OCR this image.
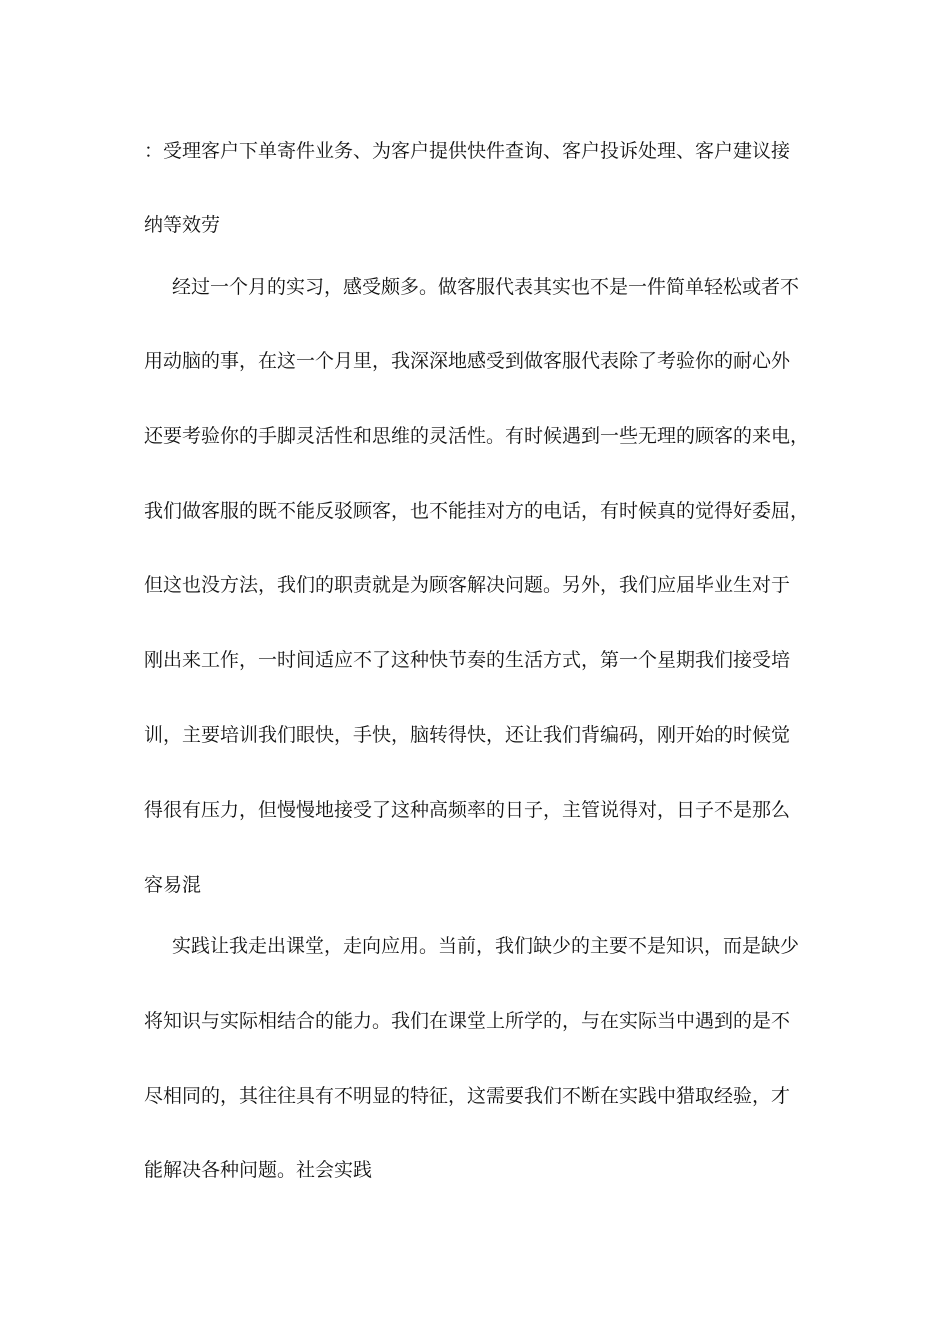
：受理客户下单寄件业务、为客户提供快件查询、客户投诉处理、客户建议接
纳等效劳
经过一个月的实习，感受颇多。做客服代表其实也不是一件简单轻松或者不
用动脑的事，在这一个月里，我深深地感受到做客服代表除了考验你的耐心外
还要考验你的手脚灵活性和思维的灵活性。有时候遇到一些无理的顾客的来电，
我们做客服的既不能反驳顾客，也不能挂对方的电话，有时候真的觉得好委屈，
但这也没方法，我们的职责就是为顾客解决问题。另外，我们应届毕业生对于
刚出来工作，一时间适应不了这种快节奏的生活方式，第一个星期我们接受培
训，主要培训我们眼快，手快，脑转得快，还让我们背编码，刚开始的时候觉
得很有压力，但慢慢地接受了这种高频率的日子，主管说得对，日子不是那么
容易混
实践让我走出课堂，走向应用。当前，我们缺少的主要不是知识，而是缺少
将知识与实际相结合的能力。我们在课堂上所学的，与在实际当中遇到的是不
尽相同的，其往往具有不明显的特征，这需要我们不断在实践中猎取经验，才
能解决各种问题。社会实践
